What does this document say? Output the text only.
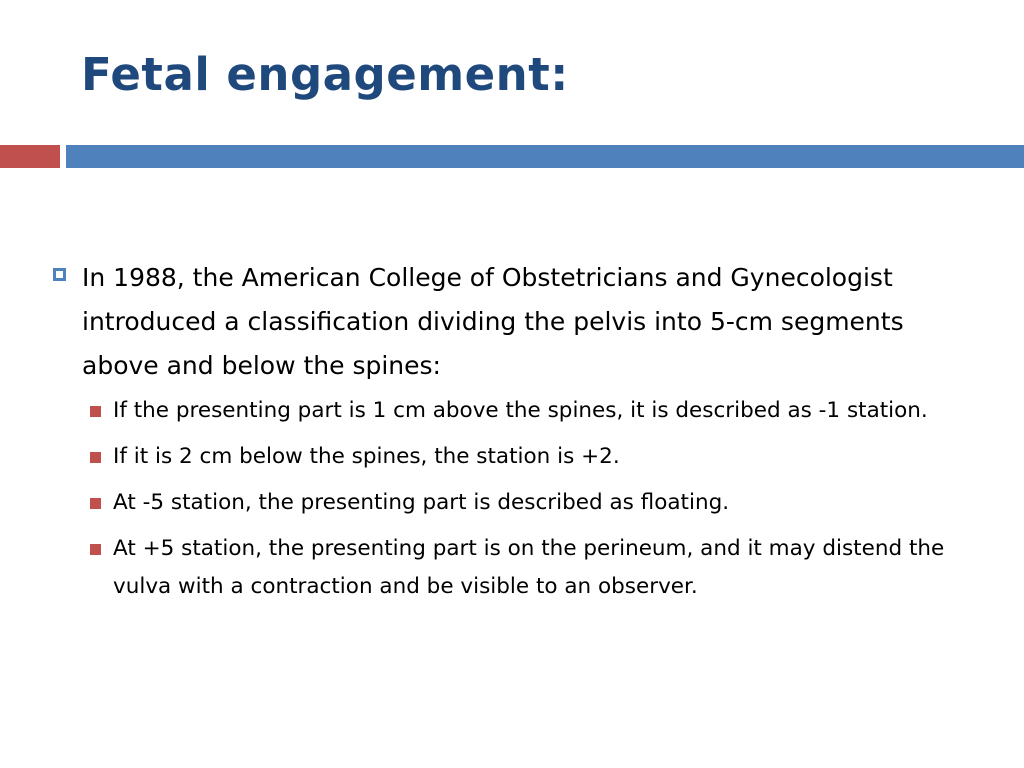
Fetal engagement:
In 1988, the American College of Obstetricians and Gynecologist introduced a classification dividing the pelvis into 5-cm segments above and below the spines:
If the presenting part is 1 cm above the spines, it is described as -1 station.
If it is 2 cm below the spines, the station is +2.
At -5 station, the presenting part is described as floating.
At +5 station, the presenting part is on the perineum, and it may distend the vulva with a contraction and be visible to an observer.
